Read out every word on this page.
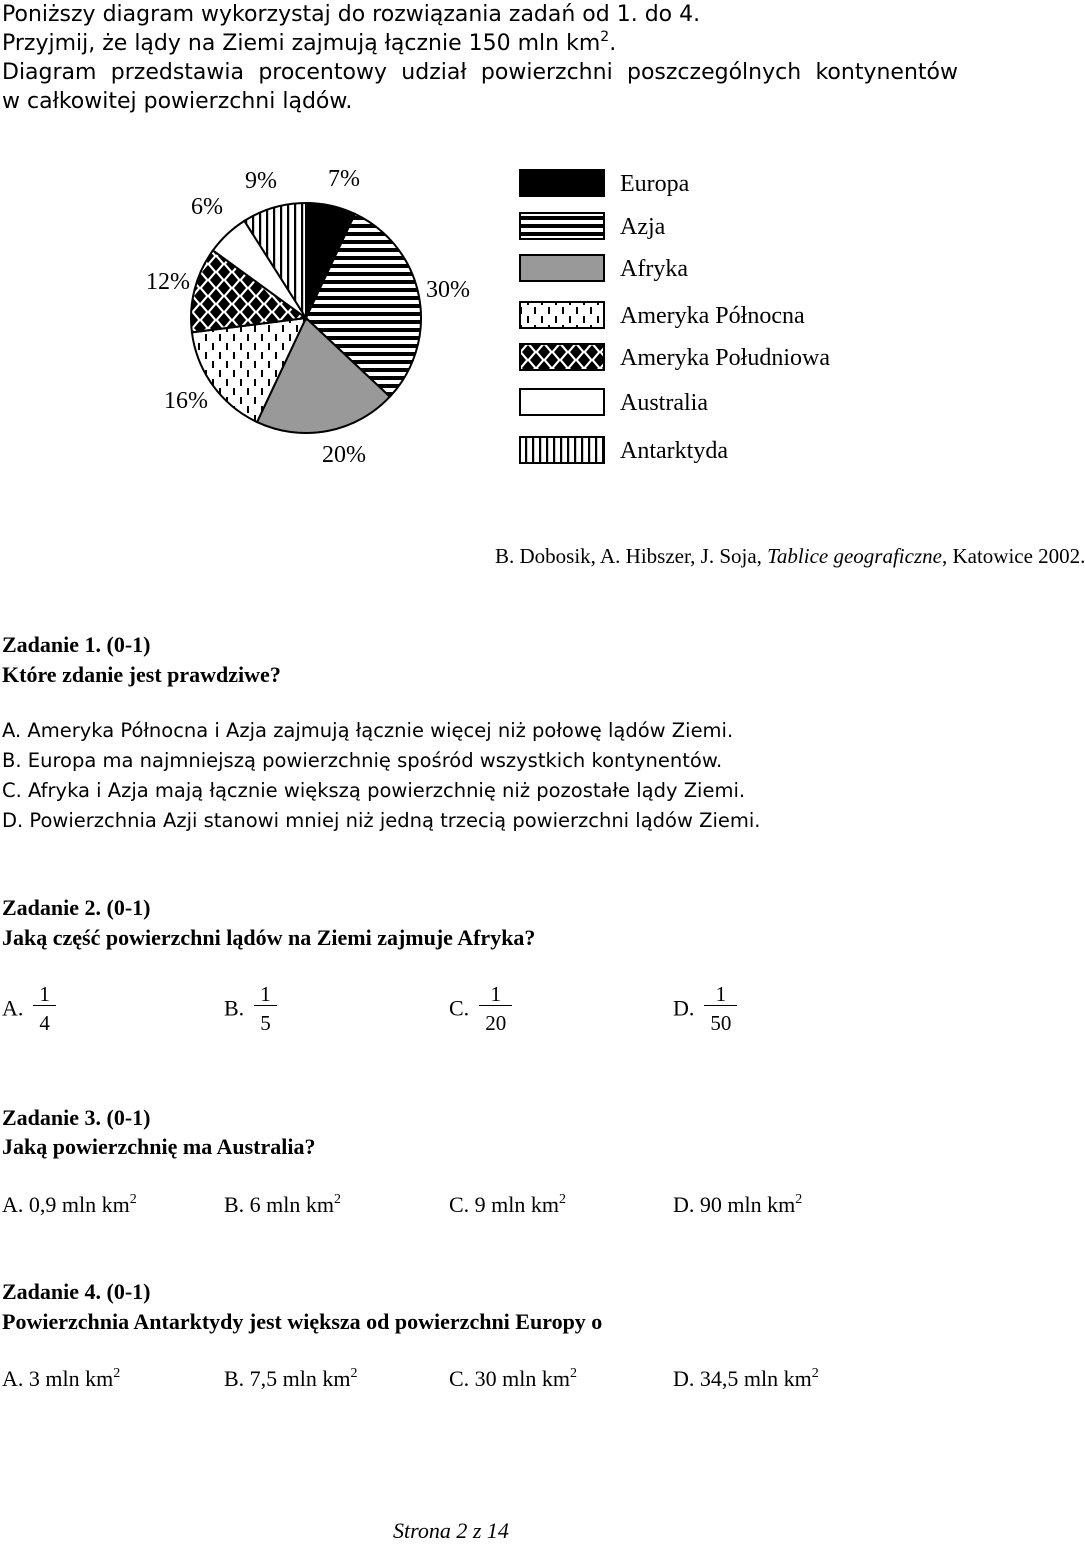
Poniższy diagram wykorzystaj do rozwiązania zadań od 1. do 4.
Przyjmij, że lądy na Ziemi zajmują łącznie 150 mln $km^2$.
Diagram przedstawia procentowy udział powierzchni poszczególnych kontynentów
w całkowitej powierzchni lądów.
7%
30%
20%
16%
12%
6%
9%	Europa
Azja
Afryka
Ameryka Północna
Ameryka Południowa
Australia
Antarktyda
B. Dobosik, A. Hibszer, J. Soja, Tablice geograficzne, Katowice 2002.
Zadanie 1. (0-1)
Które zdanie jest prawdziwe?
A. Ameryka Północna i Azja zajmują łącznie więcej niż połowę lądów Ziemi.
B. Europa ma najmniejszą powierzchnię spośród wszystkich kontynentów.
C. Afryka i Azja mają łącznie większą powierzchnię niż pozostałe lądy Ziemi.
D. Powierzchnia Azji stanowi mniej niż jedną trzecią powierzchni lądów Ziemi.
Zadanie 2. (0-1)
Jaką część powierzchni lądów na Ziemi zajmuje Afryka?
A. $\frac{1}{4}$	B. $\frac{1}{5}$	C. $\frac{1}{20}$	D. $\frac{1}{50}$
Zadanie 3. (0-1)
Jaką powierzchnię ma Australia?
A. 0,9 mln $km^2$	B. 6 mln $km^2$	C. 9 mln $km^2$	D. 90 mln $km^2$
Zadanie 4. (0-1)
Powierzchnia Antarktydy jest większa od powierzchni Europy o
A. 3 mln $km^2$	B. 7,5 mln $km^2$	C. 30 mln $km^2$	D. 34,5 mln $km^2$
Strona 2 z 14
